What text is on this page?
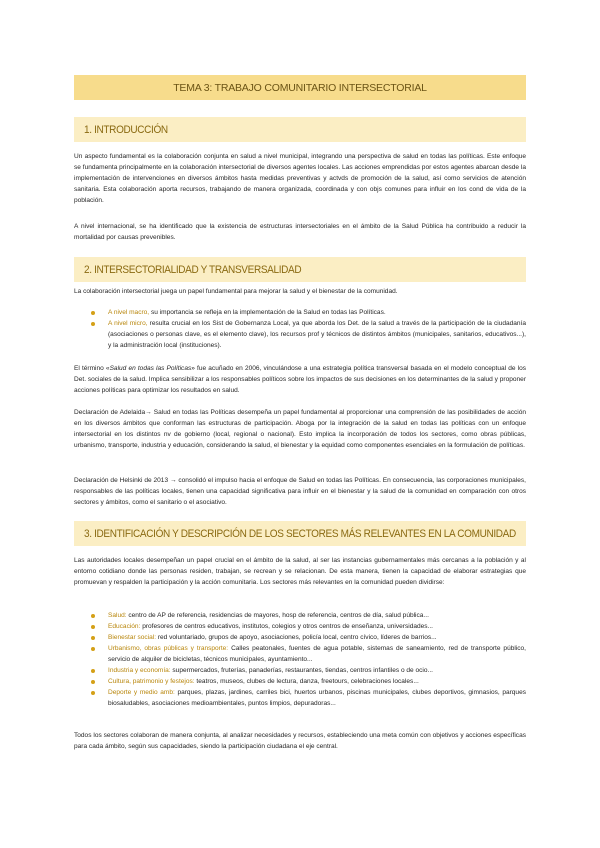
TEMA 3: TRABAJO COMUNITARIO INTERSECTORIAL
1. INTRODUCCIÓN

Un aspecto fundamental es la colaboración conjunta en salud a nivel municipal, integrando una perspectiva de salud en todas las políticas. Este enfoque se fundamenta principalmente en la colaboración intersectorial de diversos agentes locales. Las acciones emprendidas por estos agentes abarcan desde la implementación de intervenciones en diversos ámbitos hasta medidas preventivas y actvds de promoción de la salud, así como servicios de atención sanitaria. Esta colaboración aporta recursos, trabajando de manera organizada, coordinada y con objs comunes para influir en los cond de vida de la población.

A nivel internacional, se ha identificado que la existencia de estructuras intersectoriales en el ámbito de la Salud Pública ha contribuido a reducir la mortalidad por causas prevenibles.

2. INTERSECTORIALIDAD Y TRANSVERSALIDAD

La colaboración intersectorial juega un papel fundamental para mejorar la salud y el bienestar de la comunidad.

A nivel macro, su importancia se refleja en la implementación de la Salud en todas las Políticas.
A nivel micro, resulta crucial en los Sist de Gobernanza Local, ya que aborda los Det. de la salud a través de la participación de la ciudadanía (asociaciones o personas clave, es el elemento clave), los recursos prof y técnicos de distintos ámbitos (municipales, sanitarios, educativos...), y la administración local (instituciones).

El término «Salud en todas las Políticas» fue acuñado en 2006, vinculándose a una estrategia política transversal basada en el modelo conceptual de los Det. sociales de la salud. Implica sensibilizar a los responsables políticos sobre los impactos de sus decisiones en los determinantes de la salud y proponer acciones políticas para optimizar los resultados en salud.

Declaración de Adelaida→ Salud en todas las Políticas desempeña un papel fundamental al proporcionar una comprensión de las posibilidades de acción en los diversos ámbitos que conforman las estructuras de participación. Aboga por la integración de la salud en todas las políticas con un enfoque intersectorial en los distintos nv de gobierno (local, regional o nacional). Esto implica la incorporación de todos los sectores, como obras públicas, urbanismo, transporte, industria y educación, considerando la salud, el bienestar y la equidad como componentes esenciales en la formulación de políticas.

Declaración de Helsinki de 2013 → consolidó el impulso hacia el enfoque de Salud en todas las Políticas. En consecuencia, las corporaciones municipales, responsables de las políticas locales, tienen una capacidad significativa para influir en el bienestar y la salud de la comunidad en comparación con otros sectores y ámbitos, como el sanitario o el asociativo.

3. IDENTIFICACIÓN Y DESCRIPCIÓN DE LOS SECTORES MÁS RELEVANTES EN LA COMUNIDAD

Las autoridades locales desempeñan un papel crucial en el ámbito de la salud, al ser las instancias gubernamentales más cercanas a la población y al entorno cotidiano donde las personas residen, trabajan, se recrean y se relacionan. De esta manera, tienen la capacidad de elaborar estrategias que promuevan y respalden la participación y la acción comunitaria. Los sectores más relevantes en la comunidad pueden dividirse:

Salud: centro de AP de referencia, residencias de mayores, hosp de referencia, centros de día, salud pública...
Educación: profesores de centros educativos, institutos, colegios y otros centros de enseñanza, universidades...
Bienestar social: red voluntariado, grupos de apoyo, asociaciones, policía local, centro cívico, líderes de barrios...
Urbanismo, obras públicas y transporte: Calles peatonales, fuentes de agua potable, sistemas de saneamiento, red de transporte público, servicio de alquiler de bicicletas, técnicos municipales, ayuntamiento...
Industria y economía: supermercados, fruterías, panaderías, restaurantes, tiendas, centros infantiles o de ocio...
Cultura, patrimonio y festejos: teatros, museos, clubes de lectura, danza, freetours, celebraciones locales...
Deporte y medio amb: parques, plazas, jardines, carriles bici, huertos urbanos, piscinas municipales, clubes deportivos, gimnasios, parques biosaludables, asociaciones medioambientales, puntos limpios, depuradoras...

Todos los sectores colaboran de manera conjunta, al analizar necesidades y recursos, estableciendo una meta común con objetivos y acciones específicas para cada ámbito, según sus capacidades, siendo la participación ciudadana el eje central.
